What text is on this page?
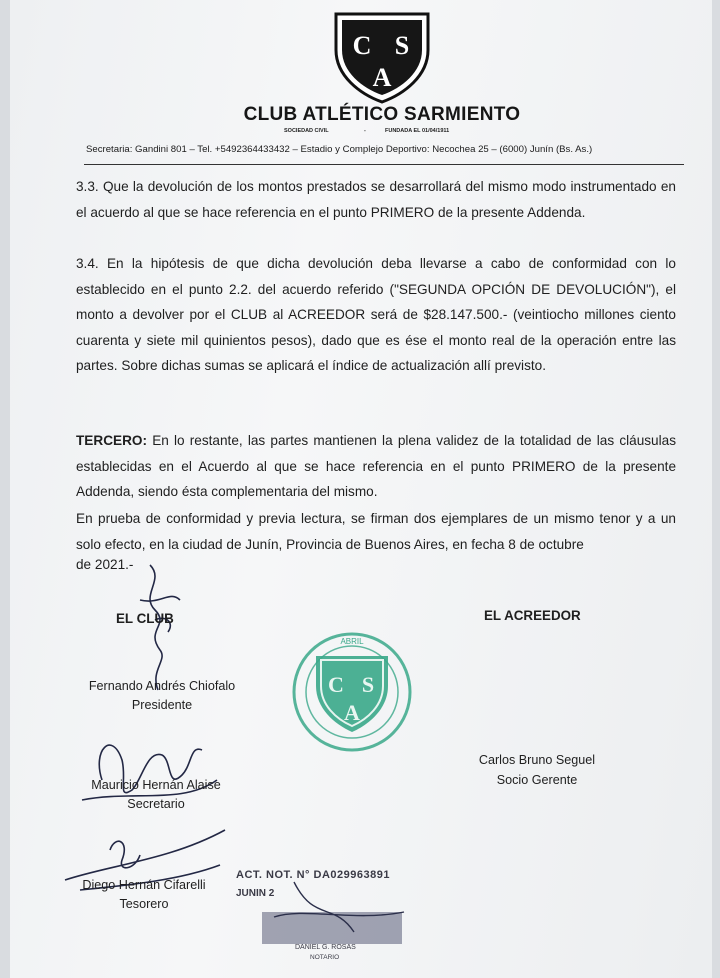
C S
A
CLUB ATLÉTICO SARMIENTO
SOCIEDAD CIVIL	-	FUNDADA EL 01/04/1911
Secretaria: Gandini 801 – Tel. +5492364433432 – Estadio y Complejo Deportivo: Necochea 25 – (6000) Junín (Bs. As.)
3.3. Que la devolución de los montos prestados se desarrollará del mismo modo instrumentado en el acuerdo al que se hace referencia en el punto PRIMERO de la presente Addenda.
3.4. En la hipótesis de que dicha devolución deba llevarse a cabo de conformidad con lo establecido en el punto 2.2. del acuerdo referido ("SEGUNDA OPCIÓN DE DEVOLUCIÓN"), el monto a devolver por el CLUB al ACREEDOR será de $28.147.500.- (veintiocho millones ciento cuarenta y siete mil quinientos pesos), dado que es ése el monto real de la operación entre las partes. Sobre dichas sumas se aplicará el índice de actualización allí previsto.
TERCERO: En lo restante, las partes mantienen la plena validez de la totalidad de las cláusulas establecidas en el Acuerdo al que se hace referencia en el punto PRIMERO de la presente Addenda, siendo ésta complementaria del mismo.
En prueba de conformidad y previa lectura, se firman dos ejemplares de un mismo tenor y a un solo efecto, en la ciudad de Junín, Provincia de Buenos Aires, en fecha 8 de octubre
de 2021.-
C S
A
ABRIL
EL CLUB	EL ACREEDOR
Fernando Andrés Chiofalo
Presidente
Mauricio Hernán Alaise
Secretario
Diego Hernán Cifarelli
Tesorero
Carlos Bruno Seguel
Socio Gerente
ACT. NOT. N° DA029963891
JUNIN 2
DANIEL G. ROSAS
NOTARIO
